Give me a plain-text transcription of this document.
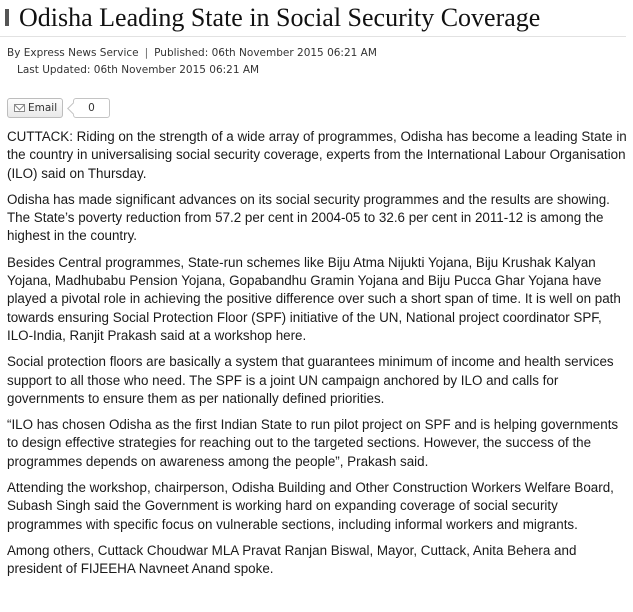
Odisha Leading State in Social Security Coverage
By Express News Service | Published: 06th November 2015 06:21 AM
Last Updated: 06th November 2015 06:21 AM
Email	0

CUTTACK: Riding on the strength of a wide array of programmes, Odisha has become a leading State in the country in universalising social security coverage, experts from the International Labour Organisation (ILO) said on Thursday.

Odisha has made significant advances on its social security programmes and the results are showing. The State’s poverty reduction from 57.2 per cent in 2004-05 to 32.6 per cent in 2011-12 is among the highest in the country.

Besides Central programmes, State-run schemes like Biju Atma Nijukti Yojana, Biju Krushak Kalyan Yojana, Madhubabu Pension Yojana, Gopabandhu Gramin Yojana and Biju Pucca Ghar Yojana have played a pivotal role in achieving the positive difference over such a short span of time. It is well on path towards ensuring Social Protection Floor (SPF) initiative of the UN, National project coordinator SPF, ILO-India, Ranjit Prakash said at a workshop here.

Social protection floors are basically a system that guarantees minimum of income and health services support to all those who need. The SPF is a joint UN campaign anchored by ILO and calls for governments to ensure them as per nationally defined priorities.

“ILO has chosen Odisha as the first Indian State to run pilot project on SPF and is helping governments to design effective strategies for reaching out to the targeted sections. However, the success of the programmes depends on awareness among the people”, Prakash said.

Attending the workshop, chairperson, Odisha Building and Other Construction Workers Welfare Board, Subash Singh said the Government is working hard on expanding coverage of social security programmes with specific focus on vulnerable sections, including informal workers and migrants.

Among others, Cuttack Choudwar MLA Pravat Ranjan Biswal, Mayor, Cuttack, Anita Behera and president of FIJEEHA Navneet Anand spoke.
